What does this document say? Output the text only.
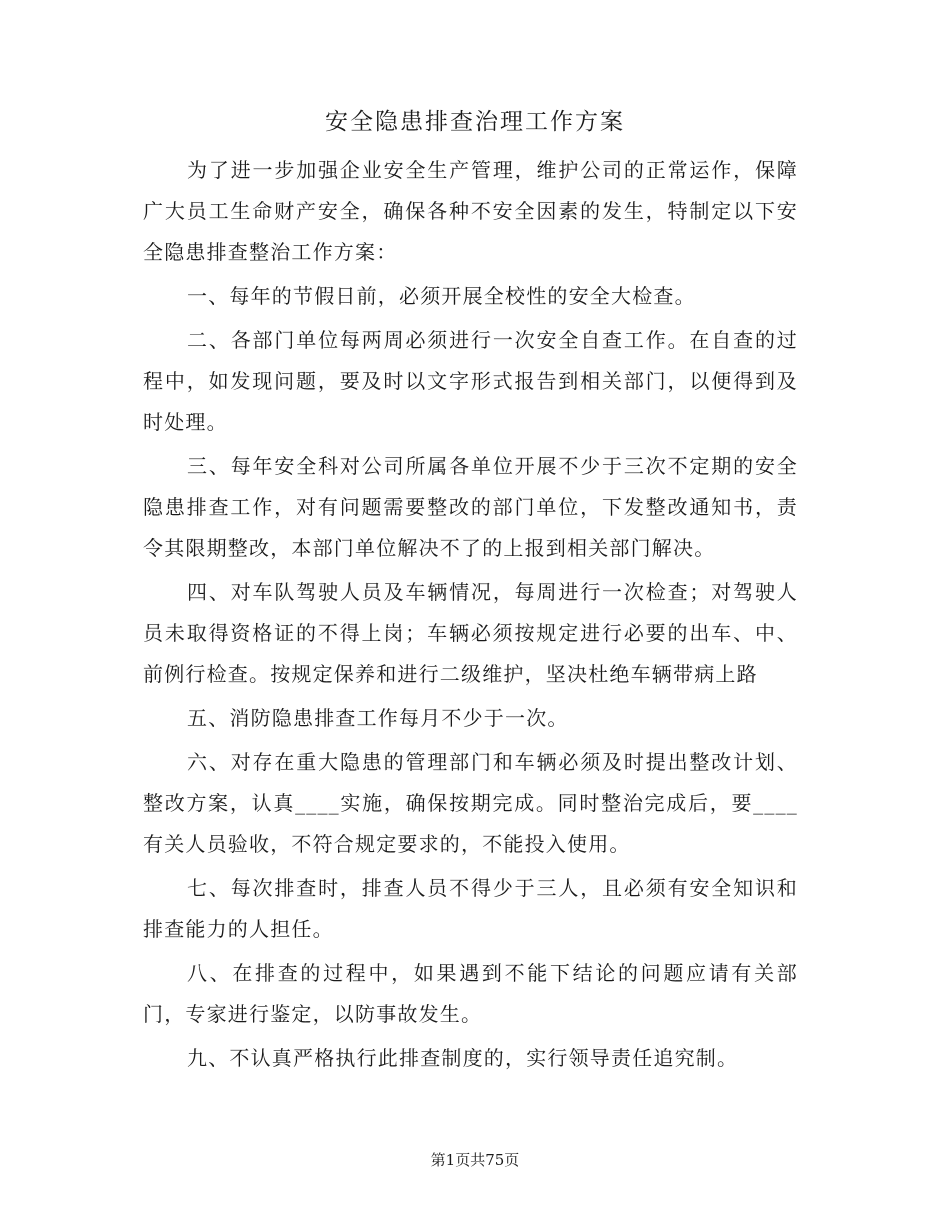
安全隐患排查治理工作方案

为了进一步加强企业安全生产管理，维护公司的正常运作，保障广大员工生命财产安全，确保各种不安全因素的发生，特制定以下安全隐患排查整治工作方案：

一、每年的节假日前，必须开展全校性的安全大检查。

二、各部门单位每两周必须进行一次安全自查工作。在自查的过程中，如发现问题，要及时以文字形式报告到相关部门，以便得到及时处理。

三、每年安全科对公司所属各单位开展不少于三次不定期的安全隐患排查工作，对有问题需要整改的部门单位，下发整改通知书，责令其限期整改，本部门单位解决不了的上报到相关部门解决。

四、对车队驾驶人员及车辆情况，每周进行一次检查；对驾驶人员未取得资格证的不得上岗；车辆必须按规定进行必要的出车、中、前例行检查。按规定保养和进行二级维护，坚决杜绝车辆带病上路

五、消防隐患排查工作每月不少于一次。

六、对存在重大隐患的管理部门和车辆必须及时提出整改计划、整改方案，认真____实施，确保按期完成。同时整治完成后，要____有关人员验收，不符合规定要求的，不能投入使用。

七、每次排查时，排查人员不得少于三人，且必须有安全知识和排查能力的人担任。

八、在排查的过程中，如果遇到不能下结论的问题应请有关部门，专家进行鉴定，以防事故发生。

九、不认真严格执行此排查制度的，实行领导责任追究制。

第1页共75页
